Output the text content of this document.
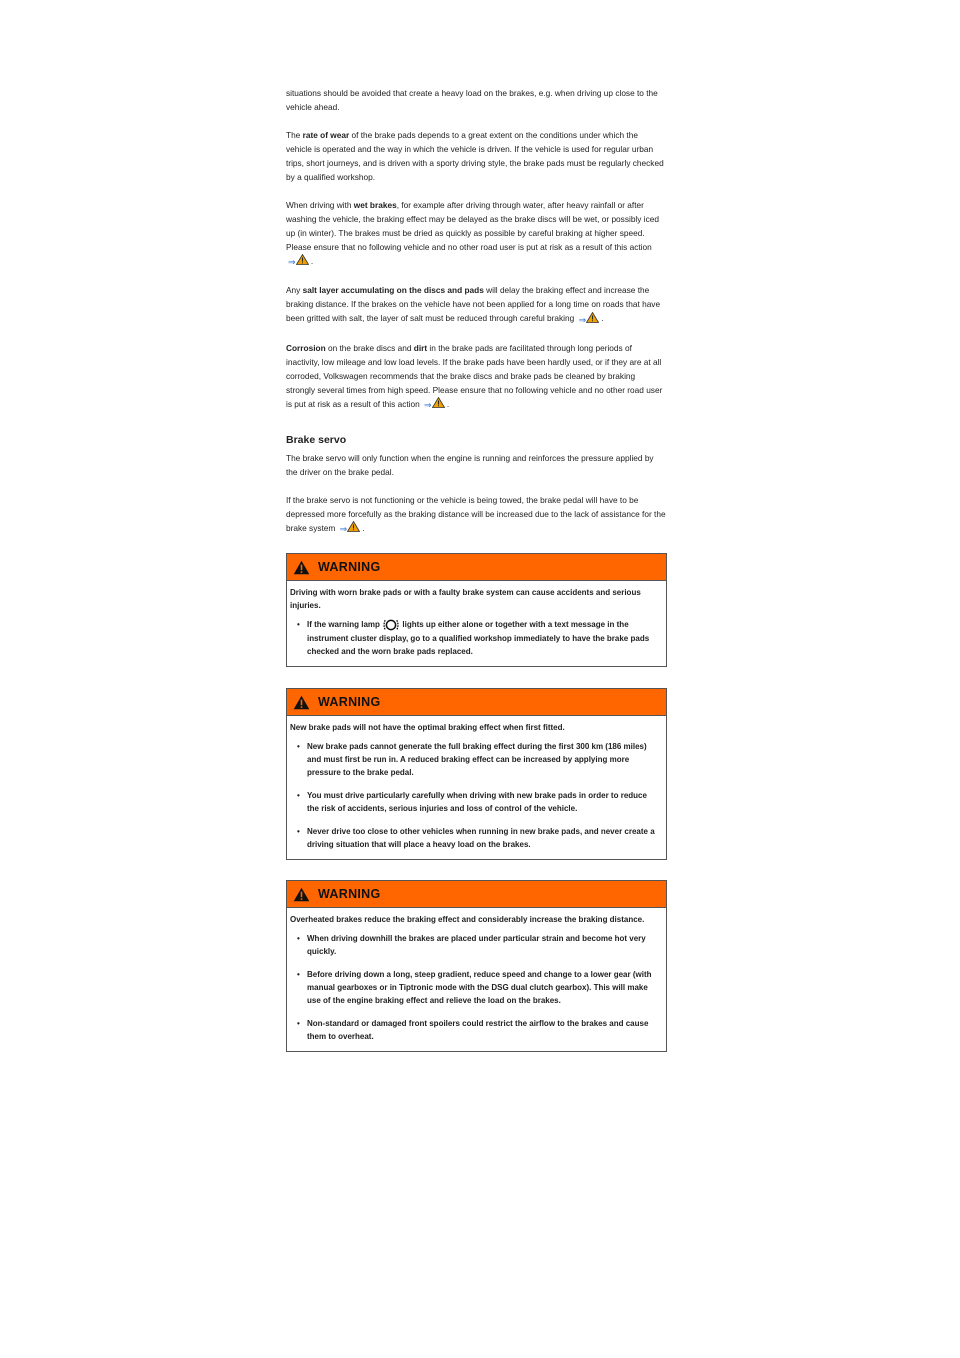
situations should be avoided that create a heavy load on the brakes, e.g. when driving up close to the vehicle ahead.

The rate of wear of the brake pads depends to a great extent on the conditions under which the vehicle is operated and the way in which the vehicle is driven. If the vehicle is used for regular urban trips, short journeys, and is driven with a sporty driving style, the brake pads must be regularly checked by a qualified workshop.

When driving with wet brakes, for example after driving through water, after heavy rainfall or after washing the vehicle, the braking effect may be delayed as the brake discs will be wet, or possibly iced up (in winter). The brakes must be dried as quickly as possible by careful braking at higher speed. Please ensure that no following vehicle and no other road user is put at risk as a result of this action ⇒ .

Any salt layer accumulating on the discs and pads will delay the braking effect and increase the braking distance. If the brakes on the vehicle have not been applied for a long time on roads that have been gritted with salt, the layer of salt must be reduced through careful braking ⇒ .

Corrosion on the brake discs and dirt in the brake pads are facilitated through long periods of inactivity, low mileage and low load levels. If the brake pads have been hardly used, or if they are at all corroded, Volkswagen recommends that the brake discs and brake pads be cleaned by braking strongly several times from high speed. Please ensure that no following vehicle and no other road user is put at risk as a result of this action ⇒ .

Brake servo

The brake servo will only function when the engine is running and reinforces the pressure applied by the driver on the brake pedal.

If the brake servo is not functioning or the vehicle is being towed, the brake pedal will have to be depressed more forcefully as the braking distance will be increased due to the lack of assistance for the brake system ⇒ .

WARNING

Driving with worn brake pads or with a faulty brake system can cause accidents and serious injuries.

• If the warning lamp	lights up either alone or together with a text message in the instrument cluster display, go to a qualified workshop immediately to have the brake pads checked and the worn brake pads replaced.
WARNING

New brake pads will not have the optimal braking effect when first fitted.

• New brake pads cannot generate the full braking effect during the first 300 km (186 miles) and must first be run in. A reduced braking effect can be increased by applying more pressure to the brake pedal.
• You must drive particularly carefully when driving with new brake pads in order to reduce the risk of accidents, serious injuries and loss of control of the vehicle.
• Never drive too close to other vehicles when running in new brake pads, and never create a driving situation that will place a heavy load on the brakes.
WARNING

Overheated brakes reduce the braking effect and considerably increase the braking distance.

• When driving downhill the brakes are placed under particular strain and become hot very quickly.
• Before driving down a long, steep gradient, reduce speed and change to a lower gear (with manual gearboxes or in Tiptronic mode with the DSG dual clutch gearbox). This will make use of the engine braking effect and relieve the load on the brakes.
• Non-standard or damaged front spoilers could restrict the airflow to the brakes and cause them to overheat.
